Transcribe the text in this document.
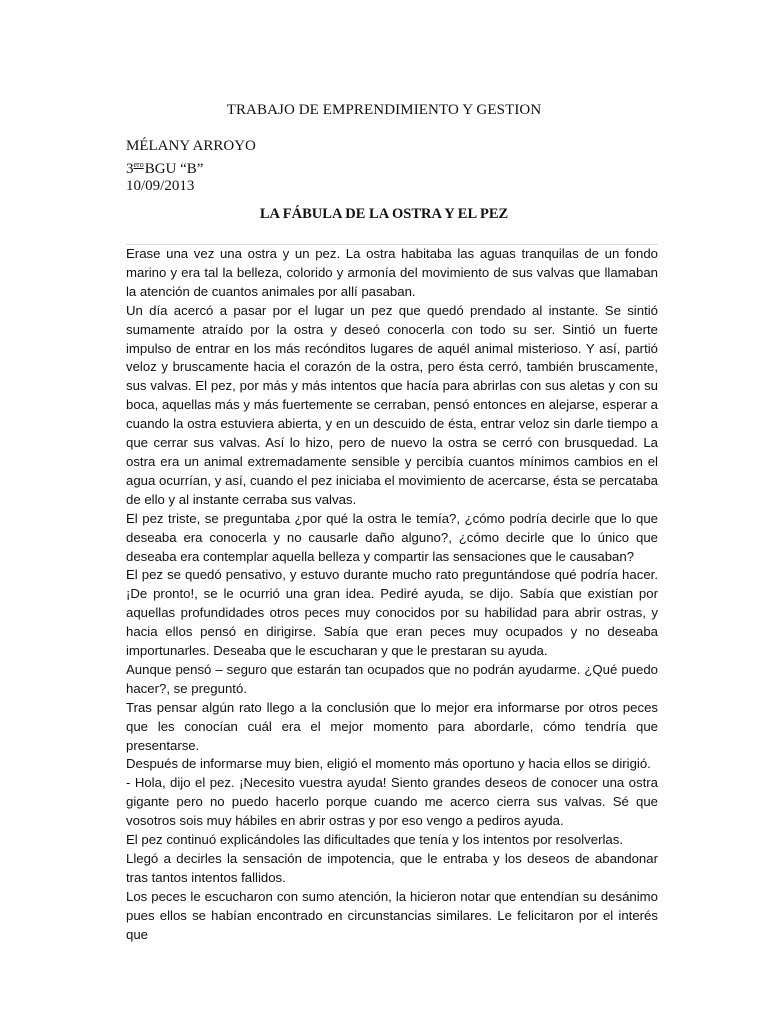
TRABAJO DE EMPRENDIMIENTO Y GESTION
MÉLANY ARROYO
$3^{ero}BGU$ “B”
10/09/2013
LA FÁBULA DE LA OSTRA Y EL PEZ

Erase una vez una ostra y un pez. La ostra habitaba las aguas tranquilas de un fondo marino y era tal la belleza, colorido y armonía del movimiento de sus valvas que llamaban la atención de cuantos animales por allí pasaban.

Un día acercó a pasar por el lugar un pez que quedó prendado al instante. Se sintió sumamente atraído por la ostra y deseó conocerla con todo su ser. Sintió un fuerte impulso de entrar en los más recónditos lugares de aquél animal misterioso. Y así, partió veloz y bruscamente hacia el corazón de la ostra, pero ésta cerró, también bruscamente, sus valvas. El pez, por más y más intentos que hacía para abrirlas con sus aletas y con su boca, aquellas más y más fuertemente se cerraban, pensó entonces en alejarse, esperar a cuando la ostra estuviera abierta, y en un descuido de ésta, entrar veloz sin darle tiempo a que cerrar sus valvas. Así lo hizo, pero de nuevo la ostra se cerró con brusquedad. La ostra era un animal extremadamente sensible y percibía cuantos mínimos cambios en el agua ocurrían, y así, cuando el pez iniciaba el movimiento de acercarse, ésta se percataba de ello y al instante cerraba sus valvas.

El pez triste, se preguntaba ¿por qué la ostra le temía?, ¿cómo podría decirle que lo que deseaba era conocerla y no causarle daño alguno?, ¿cómo decirle que lo único que deseaba era contemplar aquella belleza y compartir las sensaciones que le causaban?

El pez se quedó pensativo, y estuvo durante mucho rato preguntándose qué podría hacer. ¡De pronto!, se le ocurrió una gran idea. Pediré ayuda, se dijo. Sabía que existían por aquellas profundidades otros peces muy conocidos por su habilidad para abrir ostras, y hacia ellos pensó en dirigirse. Sabía que eran peces muy ocupados y no deseaba importunarles. Deseaba que le escucharan y que le prestaran su ayuda.

Aunque pensó – seguro que estarán tan ocupados que no podrán ayudarme. ¿Qué puedo hacer?, se preguntó.

Tras pensar algún rato llego a la conclusión que lo mejor era informarse por otros peces que les conocían cuál era el mejor momento para abordarle, cómo tendría que presentarse.

Después de informarse muy bien, eligió el momento más oportuno y hacia ellos se dirigió.

- Hola, dijo el pez. ¡Necesito vuestra ayuda! Siento grandes deseos de conocer una ostra gigante pero no puedo hacerlo porque cuando me acerco cierra sus valvas. Sé que vosotros sois muy hábiles en abrir ostras y por eso vengo a pediros ayuda.

El pez continuó explicándoles las dificultades que tenía y los intentos por resolverlas.

Llegó a decirles la sensación de impotencia, que le entraba y los deseos de abandonar tras tantos intentos fallidos.

Los peces le escucharon con sumo atención, la hicieron notar que entendían su desánimo pues ellos se habían encontrado en circunstancias similares. Le felicitaron por el interés que
